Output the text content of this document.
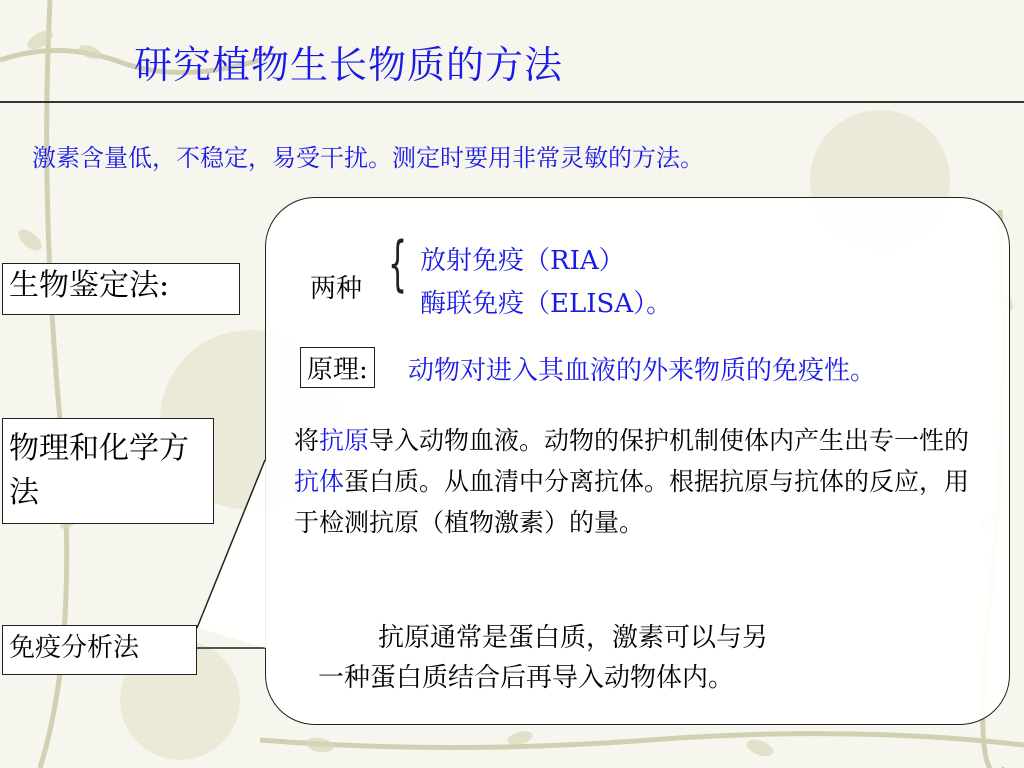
研究植物生长物质的方法
激素含量低，不稳定，易受干扰。测定时要用非常灵敏的方法。
生物鉴定法:
物理和化学方法
免疫分析法
两种 { 放射免疫（RIA）
酶联免疫（ELISA）。
原理: 动物对进入其血液的外来物质的免疫性。
将抗原导入动物血液。动物的保护机制使体内产生出专一性的抗体蛋白质。从血清中分离抗体。根据抗原与抗体的反应，用于检测抗原（植物激素）的量。
抗原通常是蛋白质，激素可以与另
一种蛋白质结合后再导入动物体内。
